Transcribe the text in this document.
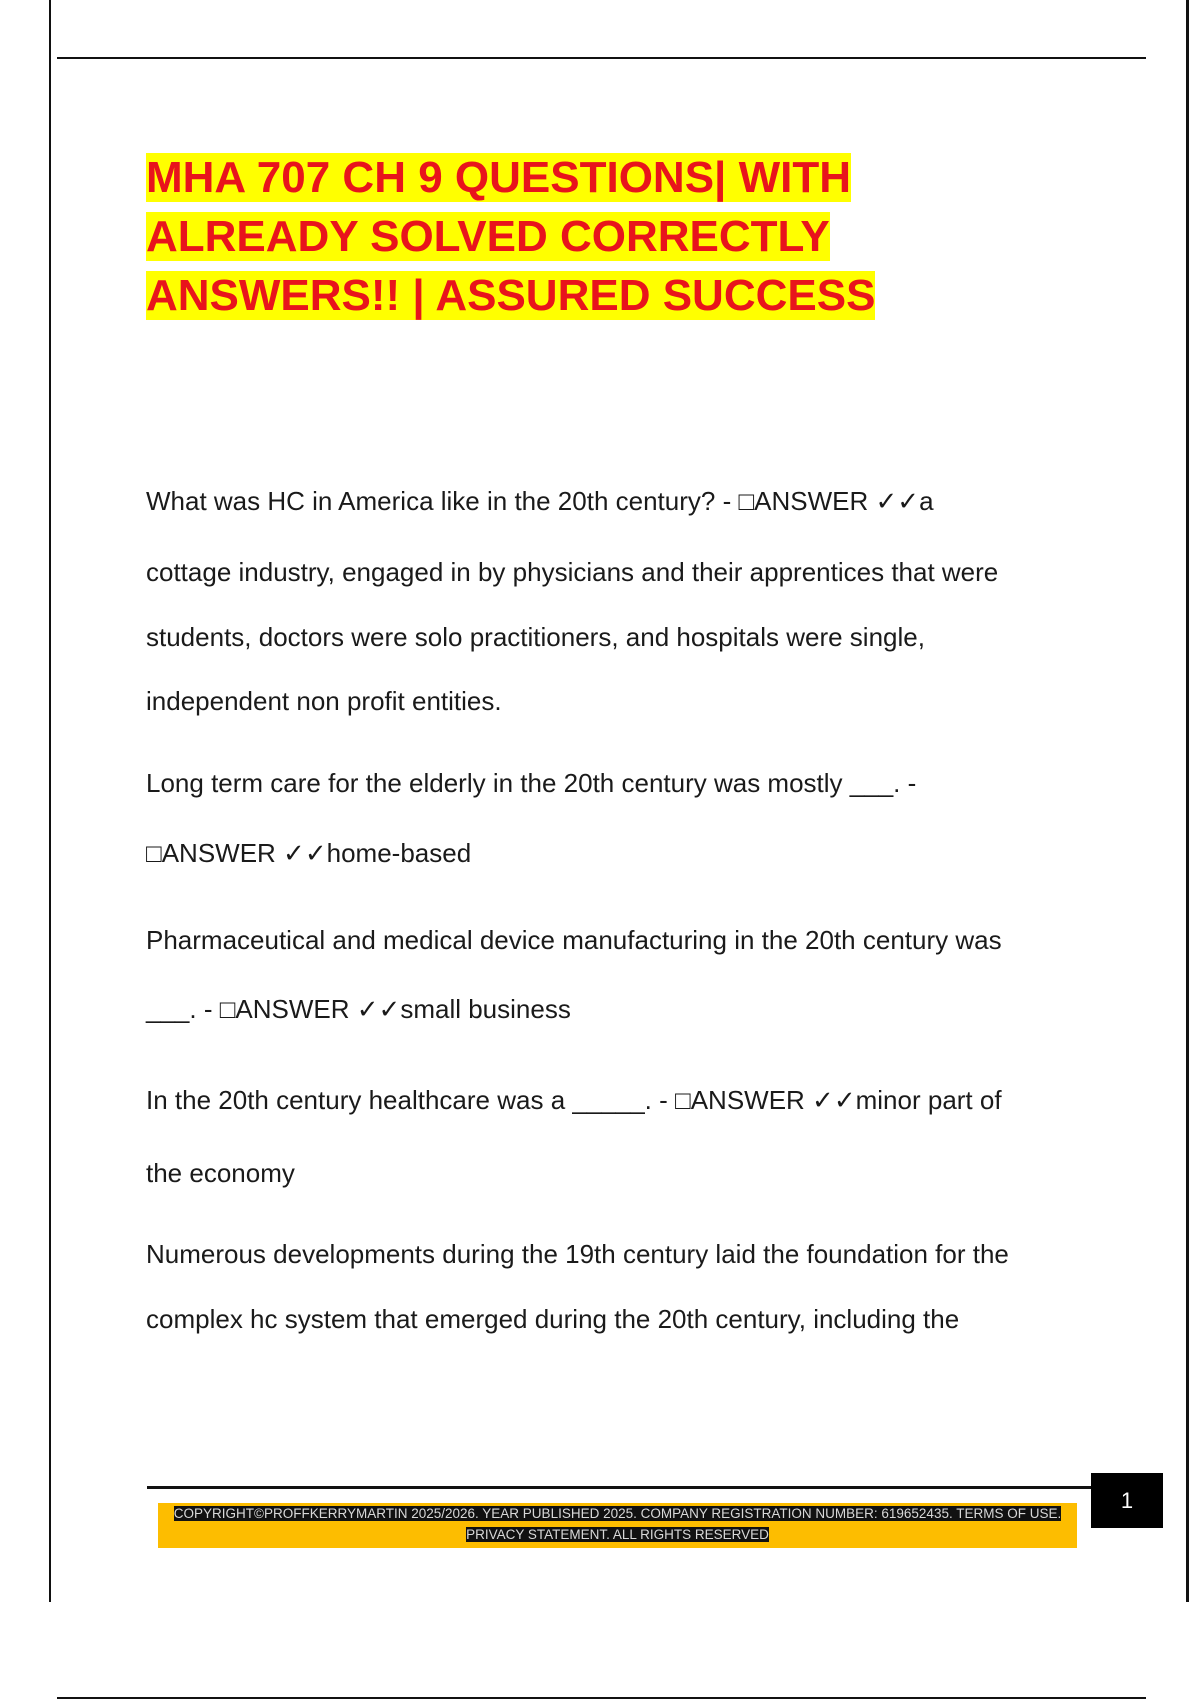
MHA 707 CH 9 QUESTIONS| WITH
ALREADY SOLVED CORRECTLY
ANSWERS!! | ASSURED SUCCESS
What was HC in America like in the 20th century? - □ANSWER ✓✓a
cottage industry, engaged in by physicians and their apprentices that were
students, doctors were solo practitioners, and hospitals were single,
independent non profit entities.
Long term care for the elderly in the 20th century was mostly ___. -
□ANSWER ✓✓home-based
Pharmaceutical and medical device manufacturing in the 20th century was
___. - □ANSWER ✓✓small business
In the 20th century healthcare was a _____. - □ANSWER ✓✓minor part of
the economy
Numerous developments during the 19th century laid the foundation for the
complex hc system that emerged during the 20th century, including the
1
COPYRIGHT©PROFFKERRYMARTIN 2025/2026. YEAR PUBLISHED 2025. COMPANY REGISTRATION NUMBER: 619652435. TERMS OF USE.
PRIVACY STATEMENT. ALL RIGHTS RESERVED
